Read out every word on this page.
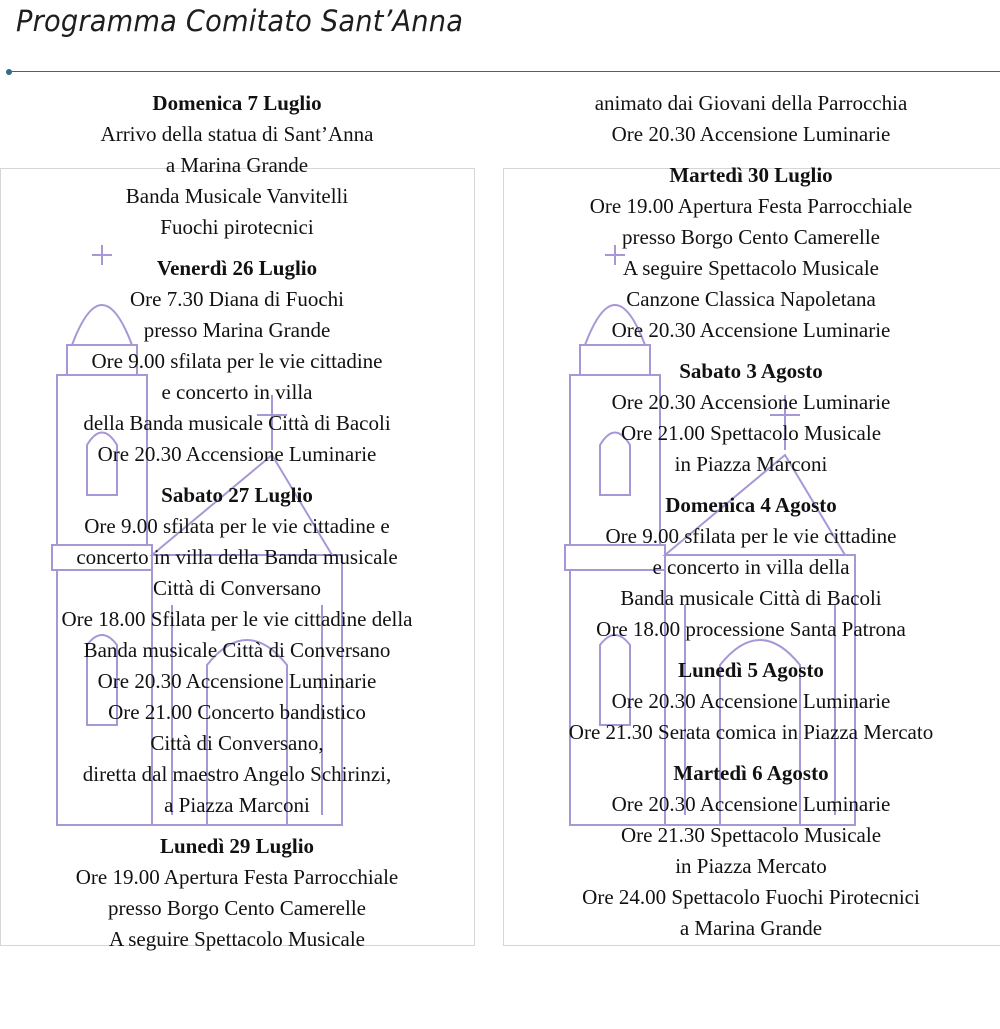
Programma Comitato Sant’Anna
Domenica 7 Luglio
Arrivo della statua di Sant’Anna
a Marina Grande
Banda Musicale Vanvitelli
Fuochi pirotecnici
Venerdì 26 Luglio
Ore 7.30 Diana di Fuochi
presso Marina Grande
Ore 9.00 sfilata per le vie cittadine
e concerto in villa
della Banda musicale Città di Bacoli
Ore 20.30 Accensione Luminarie
Sabato 27 Luglio
Ore 9.00 sfilata per le vie cittadine e
concerto in villa della Banda musicale
Città di Conversano
Ore 18.00 Sfilata per le vie cittadine della
Banda musicale Città di Conversano
Ore 20.30 Accensione Luminarie
Ore 21.00 Concerto bandistico
Città di Conversano,
diretta dal maestro Angelo Schirinzi,
a Piazza Marconi
Lunedì 29 Luglio
Ore 19.00 Apertura Festa Parrocchiale
presso Borgo Cento Camerelle
A seguire Spettacolo Musicale
animato dai Giovani della Parrocchia
Ore 20.30 Accensione Luminarie
Martedì 30 Luglio
Ore 19.00 Apertura Festa Parrocchiale
presso Borgo Cento Camerelle
A seguire Spettacolo Musicale
Canzone Classica Napoletana
Ore 20.30 Accensione Luminarie
Sabato 3 Agosto
Ore 20.30 Accensione Luminarie
Ore 21.00 Spettacolo Musicale
in Piazza Marconi
Domenica 4 Agosto
Ore 9.00 sfilata per le vie cittadine
e concerto in villa della
Banda musicale Città di Bacoli
Ore 18.00 processione Santa Patrona
Lunedì 5 Agosto
Ore 20.30 Accensione Luminarie
Ore 21.30 Serata comica in Piazza Mercato
Martedì 6 Agosto
Ore 20.30 Accensione Luminarie
Ore 21.30 Spettacolo Musicale
in Piazza Mercato
Ore 24.00 Spettacolo Fuochi Pirotecnici
a Marina Grande
